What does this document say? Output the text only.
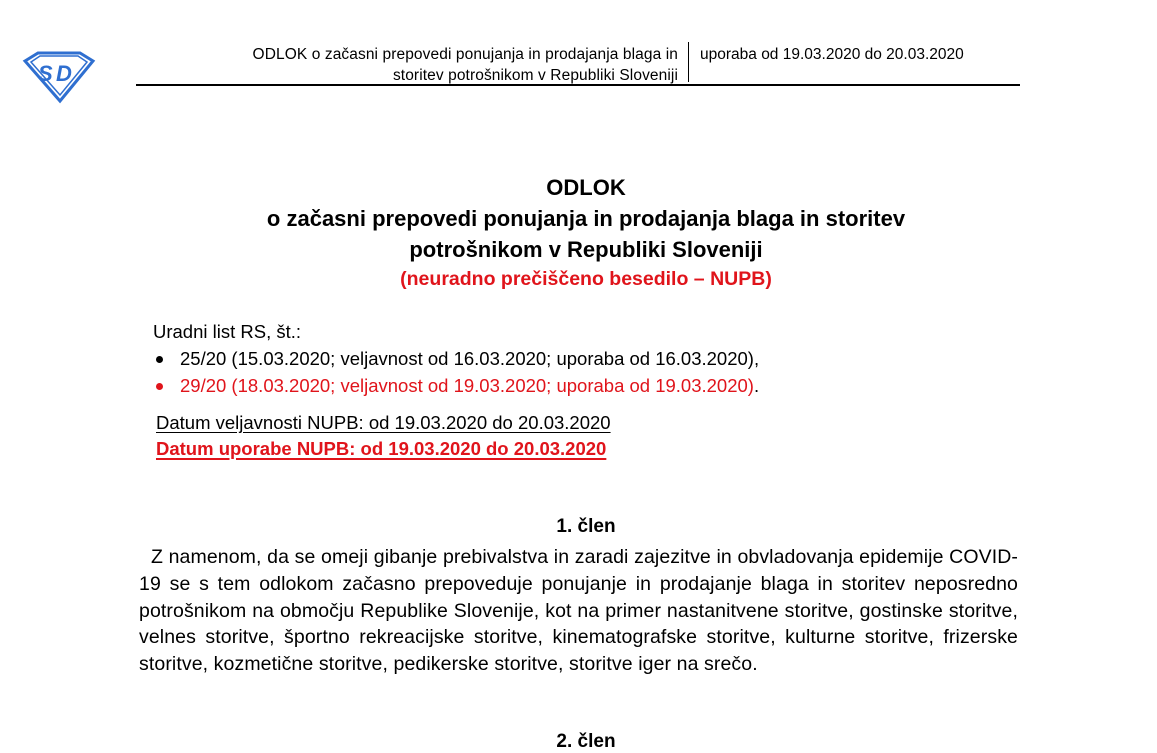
S D
ODLOK o začasni prepovedi ponujanja in prodajanja blaga in
storitev potrošnikom v Republiki Sloveniji
uporaba od 19.03.2020 do 20.03.2020
ODLOK
o začasni prepovedi ponujanja in prodajanja blaga in storitev
potrošnikom v Republiki Sloveniji
(neuradno prečiščeno besedilo – NUPB)
Uradni list RS, št.:
25/20 (15.03.2020; veljavnost od 16.03.2020; uporaba od 16.03.2020),
29/20 (18.03.2020; veljavnost od 19.03.2020; uporaba od 19.03.2020).
Datum veljavnosti NUPB: od 19.03.2020 do 20.03.2020
Datum uporabe NUPB: od 19.03.2020 do 20.03.2020
1. člen
Z namenom, da se omeji gibanje prebivalstva in zaradi zajezitve in obvladovanja epidemije COVID-19 se s tem odlokom začasno prepoveduje ponujanje in prodajanje blaga in storitev neposredno potrošnikom na območju Republike Slovenije, kot na primer nastanitvene storitve, gostinske storitve, velnes storitve, športno rekreacijske storitve, kinematografske storitve, kulturne storitve, frizerske storitve, kozmetične storitve, pedikerske storitve, storitve iger na srečo.
2. člen
